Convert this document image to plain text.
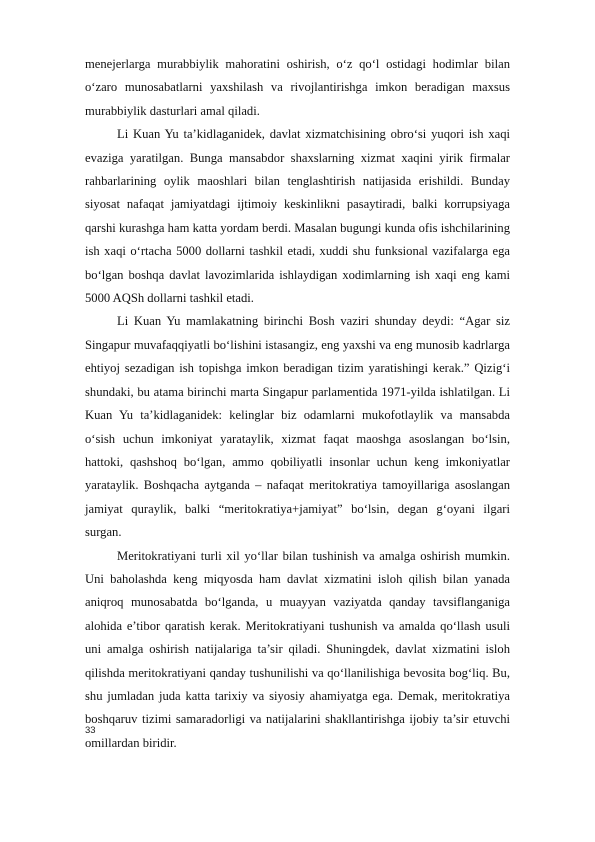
menejerlarga murabbiylik mahoratini oshirish, o‘z qo‘l ostidagi hodimlar bilan o‘zaro munosabatlarni yaxshilash va rivojlantirishga imkon beradigan maxsus murabbiylik dasturlari amal qiladi.

Li Kuan Yu ta’kidlaganidek, davlat xizmatchisining obro‘si yuqori ish xaqi evaziga yaratilgan. Bunga mansabdor shaxslarning xizmat xaqini yirik firmalar rahbarlarining oylik maoshlari bilan tenglashtirish natijasida erishildi. Bunday siyosat nafaqat jamiyatdagi ijtimoiy keskinlikni pasaytiradi, balki korrupsiyaga qarshi kurashga ham katta yordam berdi. Masalan bugungi kunda ofis ishchilarining ish xaqi o‘rtacha 5000 dollarni tashkil etadi, xuddi shu funksional vazifalarga ega bo‘lgan boshqa davlat lavozimlarida ishlaydigan xodimlarning ish xaqi eng kami 5000 AQSh dollarni tashkil etadi.

Li Kuan Yu mamlakatning birinchi Bosh vaziri shunday deydi: “Agar siz Singapur muvafaqqiyatli bo‘lishini istasangiz, eng yaxshi va eng munosib kadrlarga ehtiyoj sezadigan ish topishga imkon beradigan tizim yaratishingi kerak.” Qizig‘i shundaki, bu atama birinchi marta Singapur parlamentida 1971-yilda ishlatilgan. Li Kuan Yu ta’kidlaganidek: kelinglar biz odamlarni mukofotlaylik va mansabda o‘sish uchun imkoniyat yarataylik, xizmat faqat maoshga asoslangan bo‘lsin, hattoki, qashshoq bo‘lgan, ammo qobiliyatli insonlar uchun keng imkoniyatlar yarataylik. Boshqacha aytganda – nafaqat meritokratiya tamoyillariga asoslangan jamiyat quraylik, balki “meritokratiya+jamiyat” bo‘lsin, degan g‘oyani ilgari surgan.

Meritokratiyani turli xil yo‘llar bilan tushinish va amalga oshirish mumkin. Uni baholashda keng miqyosda ham davlat xizmatini isloh qilish bilan yanada aniqroq munosabatda bo‘lganda, u muayyan vaziyatda qanday tavsiflanganiga alohida e’tibor qaratish kerak. Meritokratiyani tushunish va amalda qo‘llash usuli uni amalga oshirish natijalariga ta’sir qiladi. Shuningdek, davlat xizmatini isloh qilishda meritokratiyani qanday tushunilishi va qo‘llanilishiga bevosita bog‘liq. Bu, shu jumladan juda katta tarixiy va siyosiy ahamiyatga ega. Demak, meritokratiya boshqaruv tizimi samaradorligi va natijalarini shakllantirishga ijobiy ta’sir etuvchi omillardan biridir.

33
